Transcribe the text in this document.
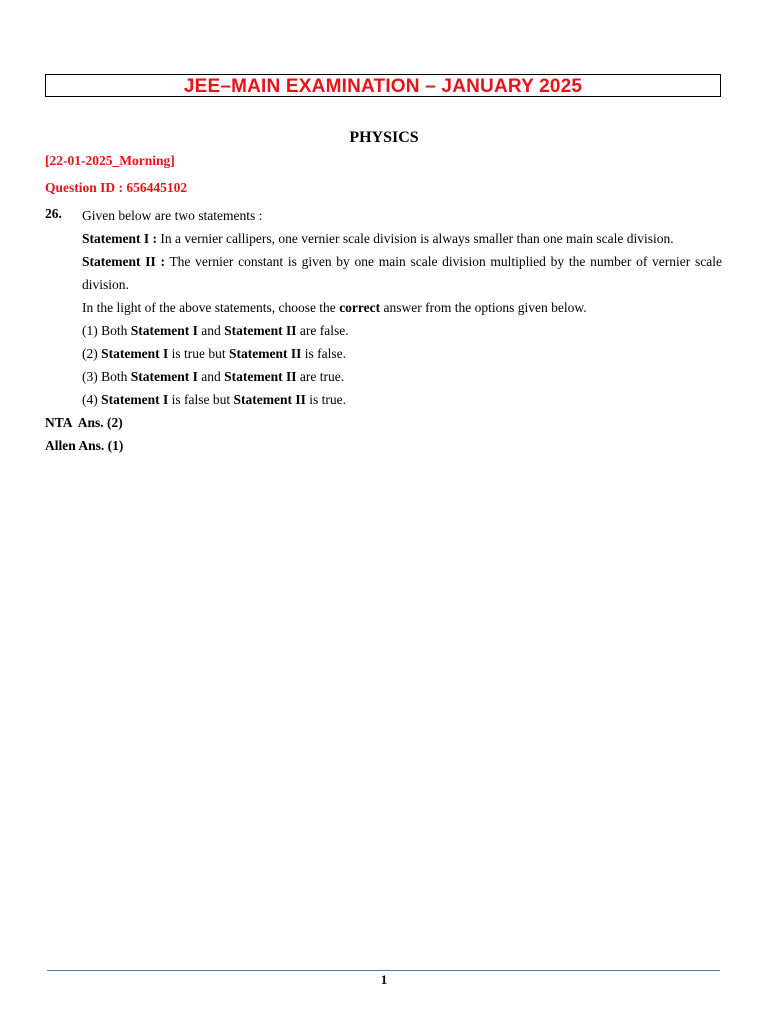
JEE–MAIN EXAMINATION – JANUARY 2025
PHYSICS
[22-01-2025_Morning]
Question ID : 656445102
26. Given below are two statements :

Statement I : In a vernier callipers, one vernier scale division is always smaller than one main scale division.

Statement II : The vernier constant is given by one main scale division multiplied by the number of vernier scale division.

In the light of the above statements, choose the correct answer from the options given below.

(1) Both Statement I and Statement II are false.

(2) Statement I is true but Statement II is false.

(3) Both Statement I and Statement II are true.

(4) Statement I is false but Statement II is true.

NTA  Ans. (2)
Allen Ans. (1)
1
